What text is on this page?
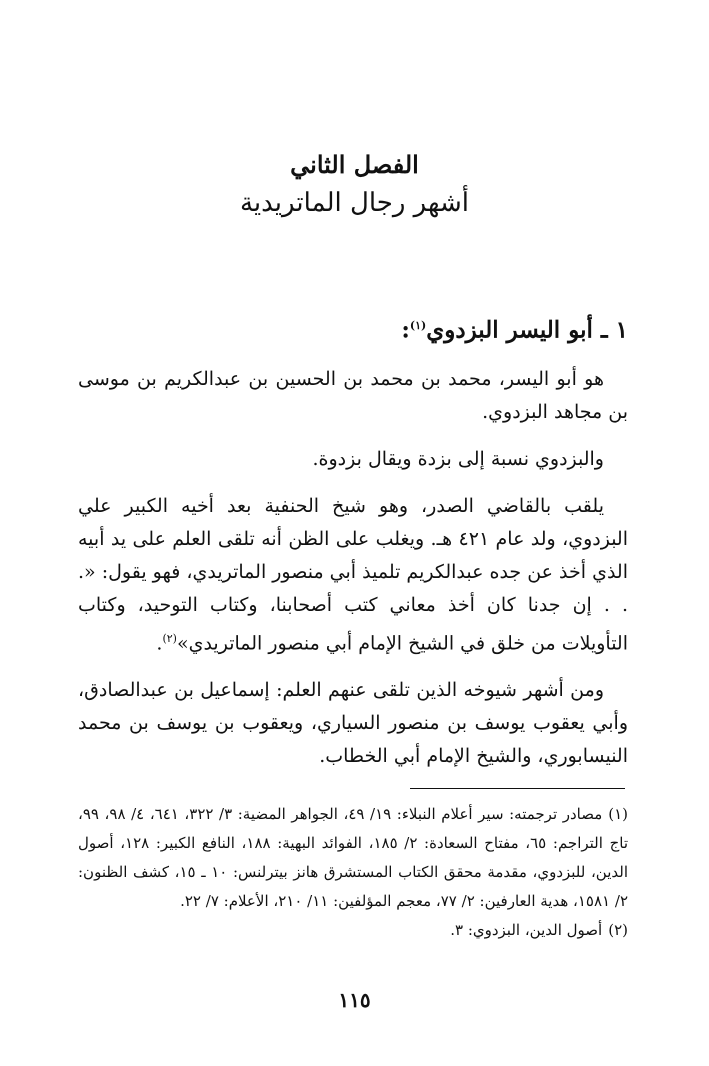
الفصل الثاني
أشهر رجال الماتريدية
١ ـ أبو اليسر البزدوي$^{(١)}$:

هو أبو اليسر، محمد بن محمد بن الحسين بن عبدالكريم بن موسى بن مجاهد البزدوي.

والبزدوي نسبة إلى بزدة ويقال بزدوة.

يلقب بالقاضي الصدر، وهو شيخ الحنفية بعد أخيه الكبير علي البزدوي، ولد عام ٤٢١ هـ. ويغلب على الظن أنه تلقى العلم على يد أبيه الذي أخذ عن جده عبدالكريم تلميذ أبي منصور الماتريدي، فهو يقول: «. . . إن جدنا كان أخذ معاني كتب أصحابنا، وكتاب التوحيد، وكتاب التأويلات من خلق في الشيخ الإمام أبي منصور الماتريدي»$^{(٢)}$.

ومن أشهر شيوخه الذين تلقى عنهم العلم: إسماعيل بن عبدالصادق، وأبي يعقوب يوسف بن منصور السياري، ويعقوب بن يوسف بن محمد النيسابوري، والشيخ الإمام أبي الخطاب.

(١)مصادر ترجمته: سير أعلام النبلاء: ١٩/ ٤٩، الجواهر المضية: ٣/ ٣٢٢، ٦٤١، ٤/ ٩٨، ٩٩، تاج التراجم: ٦٥، مفتاح السعادة: ٢/ ١٨٥، الفوائد البهية: ١٨٨، النافع الكبير: ١٢٨، أصول الدين، للبزدوي، مقدمة محقق الكتاب المستشرق هانز بيترلنس: ١٠ ـ ١٥، كشف الظنون: ٢/ ١٥٨١، هدية العارفين: ٢/ ٧٧، معجم المؤلفين: ١١/ ٢١٠، الأعلام: ٧/ ٢٢.

(٢)أصول الدين، البزدوي: ٣.

١١٥
